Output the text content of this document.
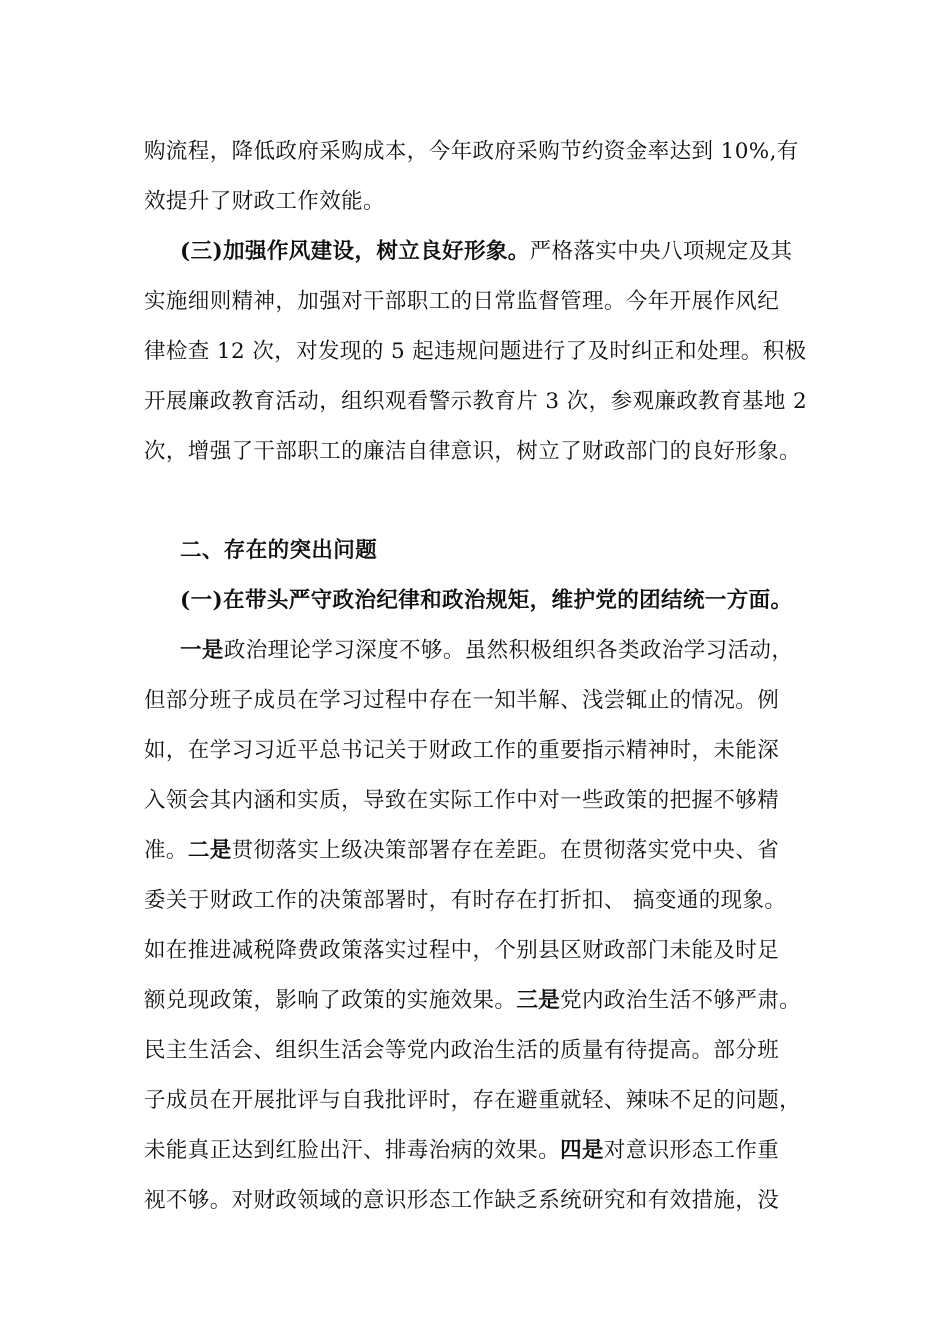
购流程，降低政府采购成本，今年政府采购节约资金率达到 10%,有
效提升了财政工作效能。
(三)加强作风建设，树立良好形象。严格落实中央八项规定及其
实施细则精神，加强对干部职工的日常监督管理。今年开展作风纪
律检查 12 次，对发现的 5 起违规问题进行了及时纠正和处理。积极
开展廉政教育活动，组织观看警示教育片 3 次，参观廉政教育基地 2
次，增强了干部职工的廉洁自律意识，树立了财政部门的良好形象。
二、存在的突出问题
(一)在带头严守政治纪律和政治规矩，维护党的团结统一方面。
一是政治理论学习深度不够。虽然积极组织各类政治学习活动，
但部分班子成员在学习过程中存在一知半解、浅尝辄止的情况。例
如，在学习习近平总书记关于财政工作的重要指示精神时，未能深
入领会其内涵和实质，导致在实际工作中对一些政策的把握不够精
准。二是贯彻落实上级决策部署存在差距。在贯彻落实党中央、省
委关于财政工作的决策部署时，有时存在打折扣、 搞变通的现象。
如在推进减税降费政策落实过程中，个别县区财政部门未能及时足
额兑现政策，影响了政策的实施效果。三是党内政治生活不够严肃。
民主生活会、组织生活会等党内政治生活的质量有待提高。部分班
子成员在开展批评与自我批评时，存在避重就轻、辣味不足的问题，
未能真正达到红脸出汗、排毒治病的效果。四是对意识形态工作重
视不够。对财政领域的意识形态工作缺乏系统研究和有效措施，没
